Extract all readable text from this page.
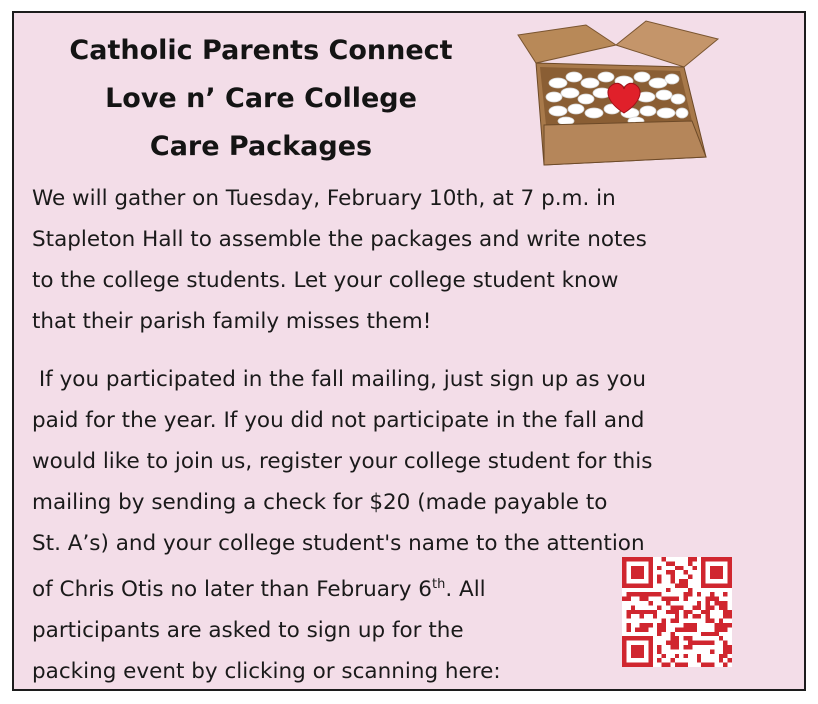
Catholic Parents Connect
Love n’ Care College
Care Packages
We will gather on Tuesday, February 10th, at 7 p.m. in
Stapleton Hall to assemble the packages and write notes
to the college students. Let your college student know
that their parish family misses them!
If you participated in the fall mailing, just sign up as you
paid for the year. If you did not participate in the fall and
would like to join us, register your college student for this
mailing by sending a check for $20 (made payable to
St. A’s) and your college student's name to the attention
of Chris Otis no later than February 6th. All
participants are asked to sign up for the
packing event by clicking or scanning here:
